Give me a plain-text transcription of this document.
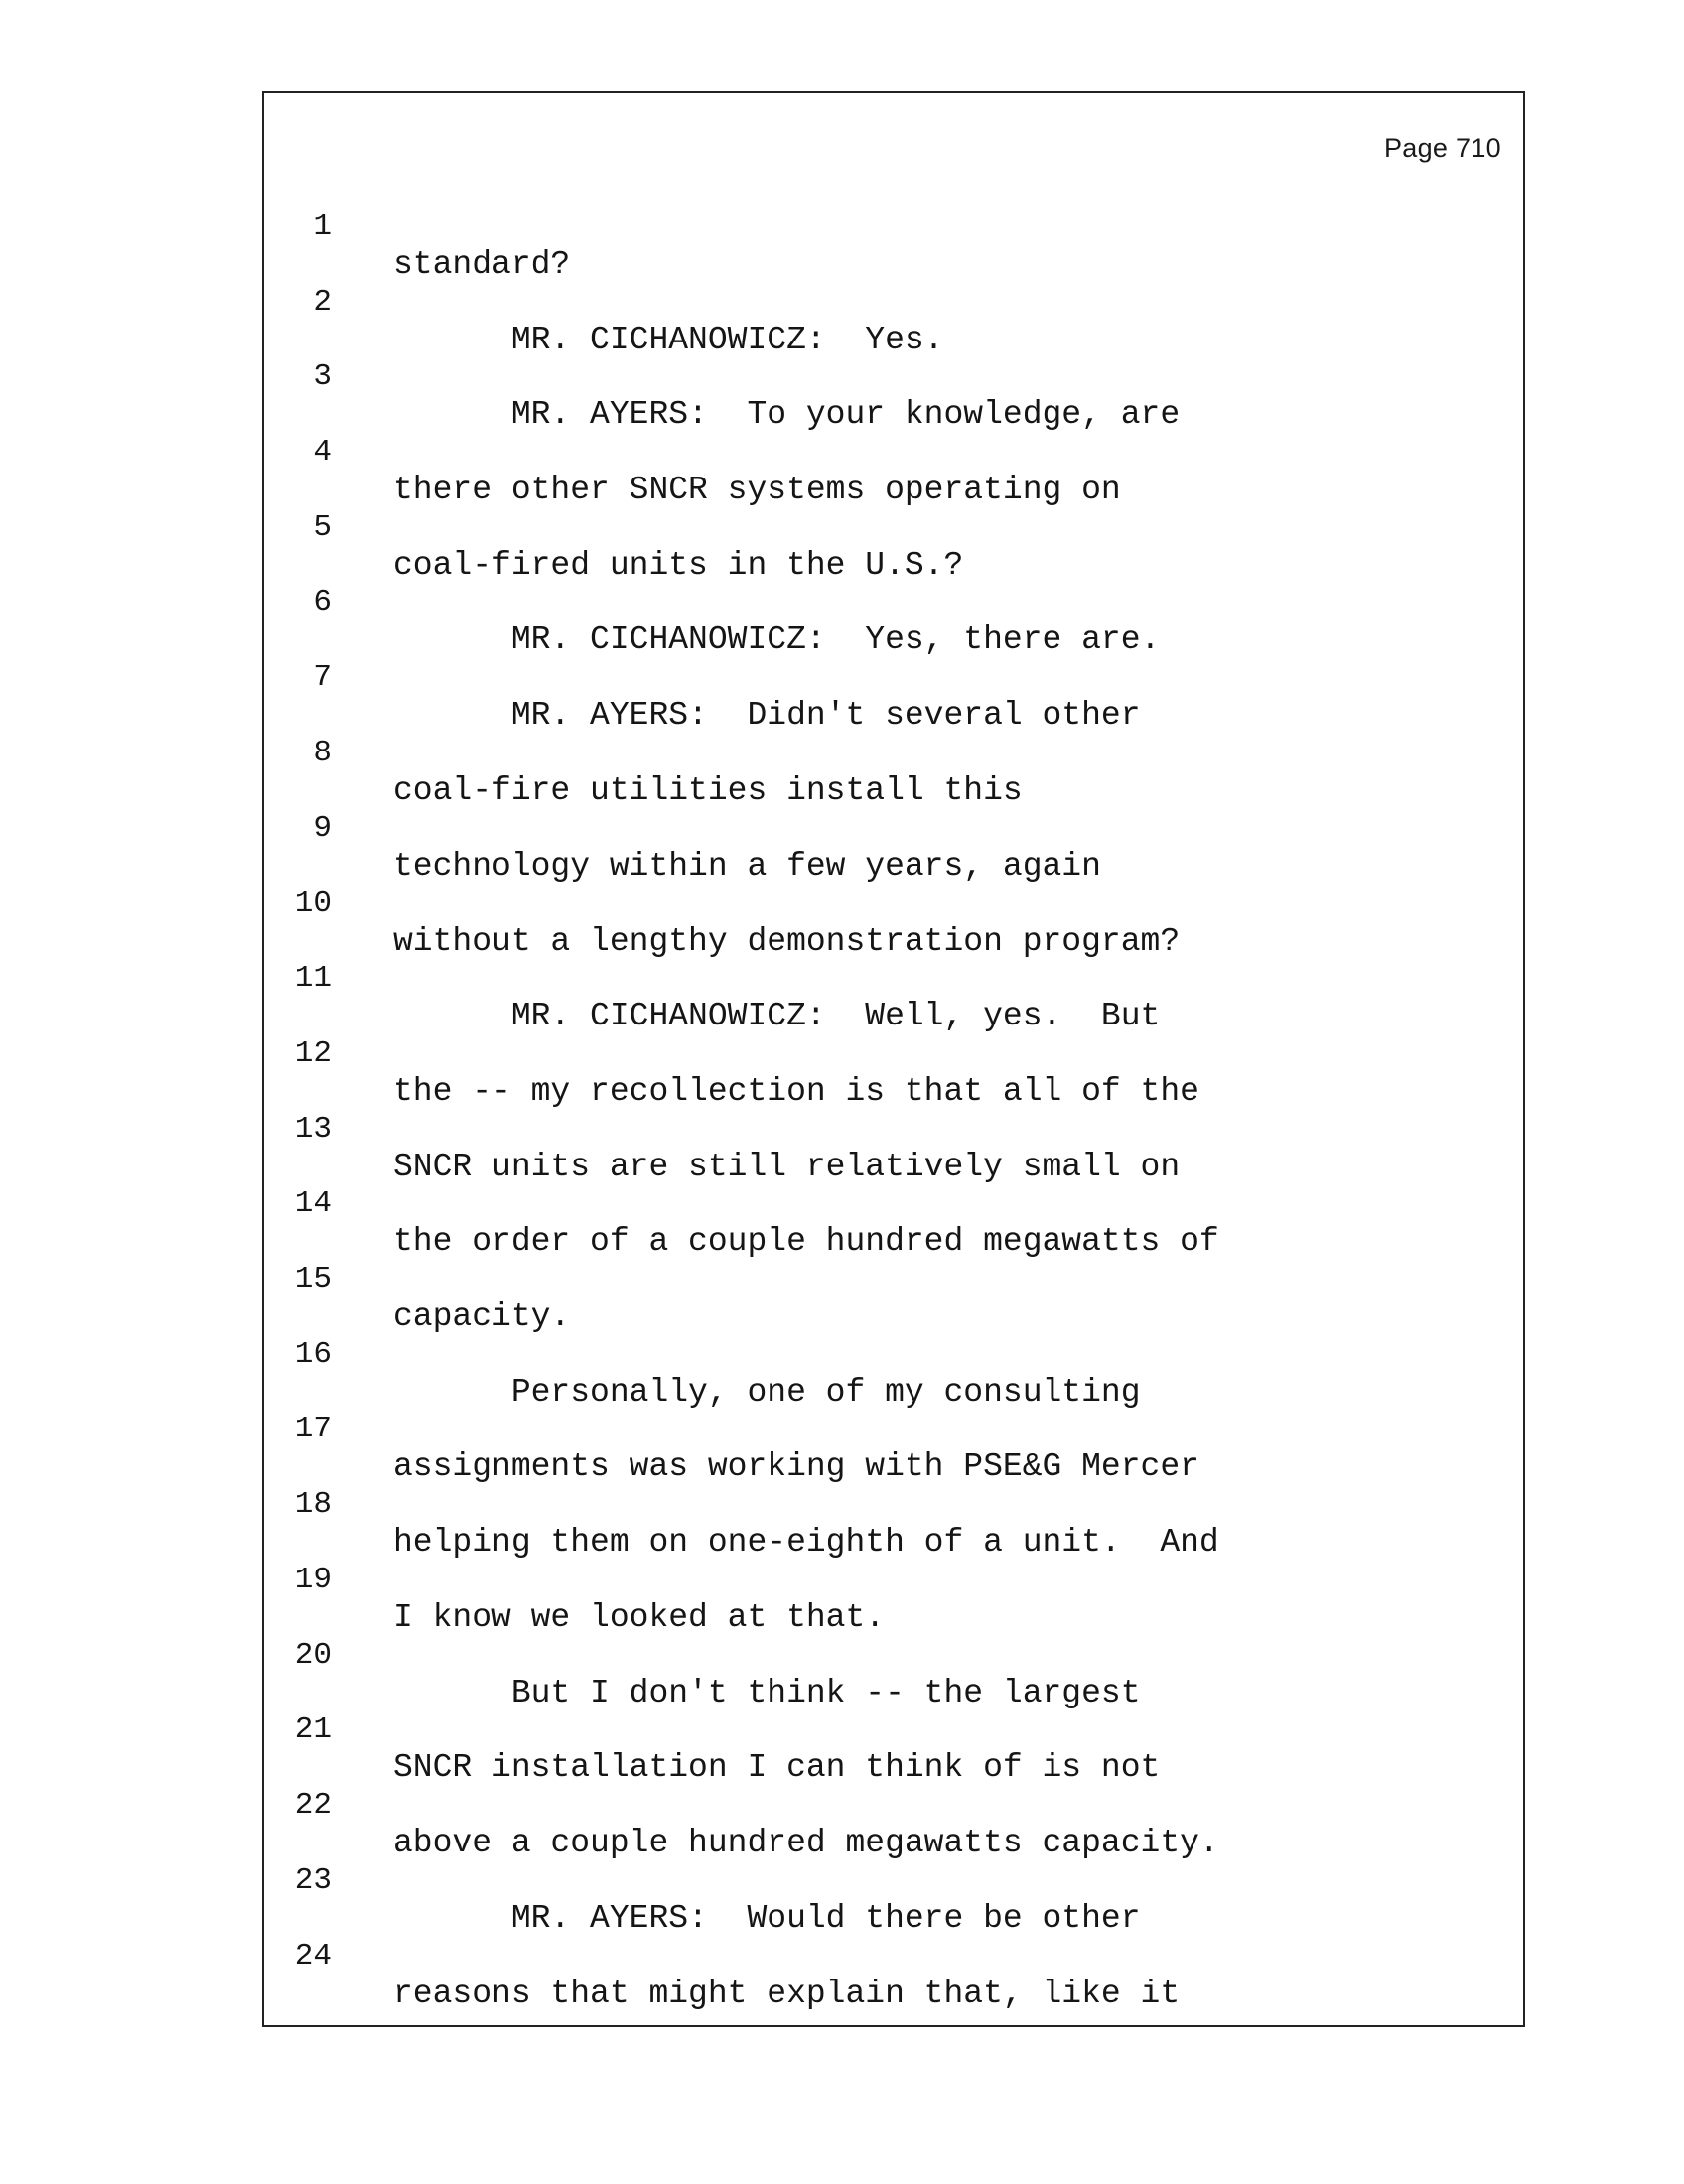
Page 710

1

standard?

2

MR. CICHANOWICZ:  Yes.

3

MR. AYERS:  To your knowledge, are

4

there other SNCR systems operating on

5

coal-fired units in the U.S.?

6

MR. CICHANOWICZ:  Yes, there are.

7

MR. AYERS:  Didn't several other

8

coal-fire utilities install this

9

technology within a few years, again

10

without a lengthy demonstration program?

11

MR. CICHANOWICZ:  Well, yes.  But

12

the -- my recollection is that all of the

13

SNCR units are still relatively small on

14

the order of a couple hundred megawatts of

15

capacity.

16

Personally, one of my consulting

17

assignments was working with PSE&G Mercer

18

helping them on one-eighth of a unit.  And

19

I know we looked at that.

20

But I don't think -- the largest

21

SNCR installation I can think of is not

22

above a couple hundred megawatts capacity.

23

MR. AYERS:  Would there be other

24

reasons that might explain that, like it
